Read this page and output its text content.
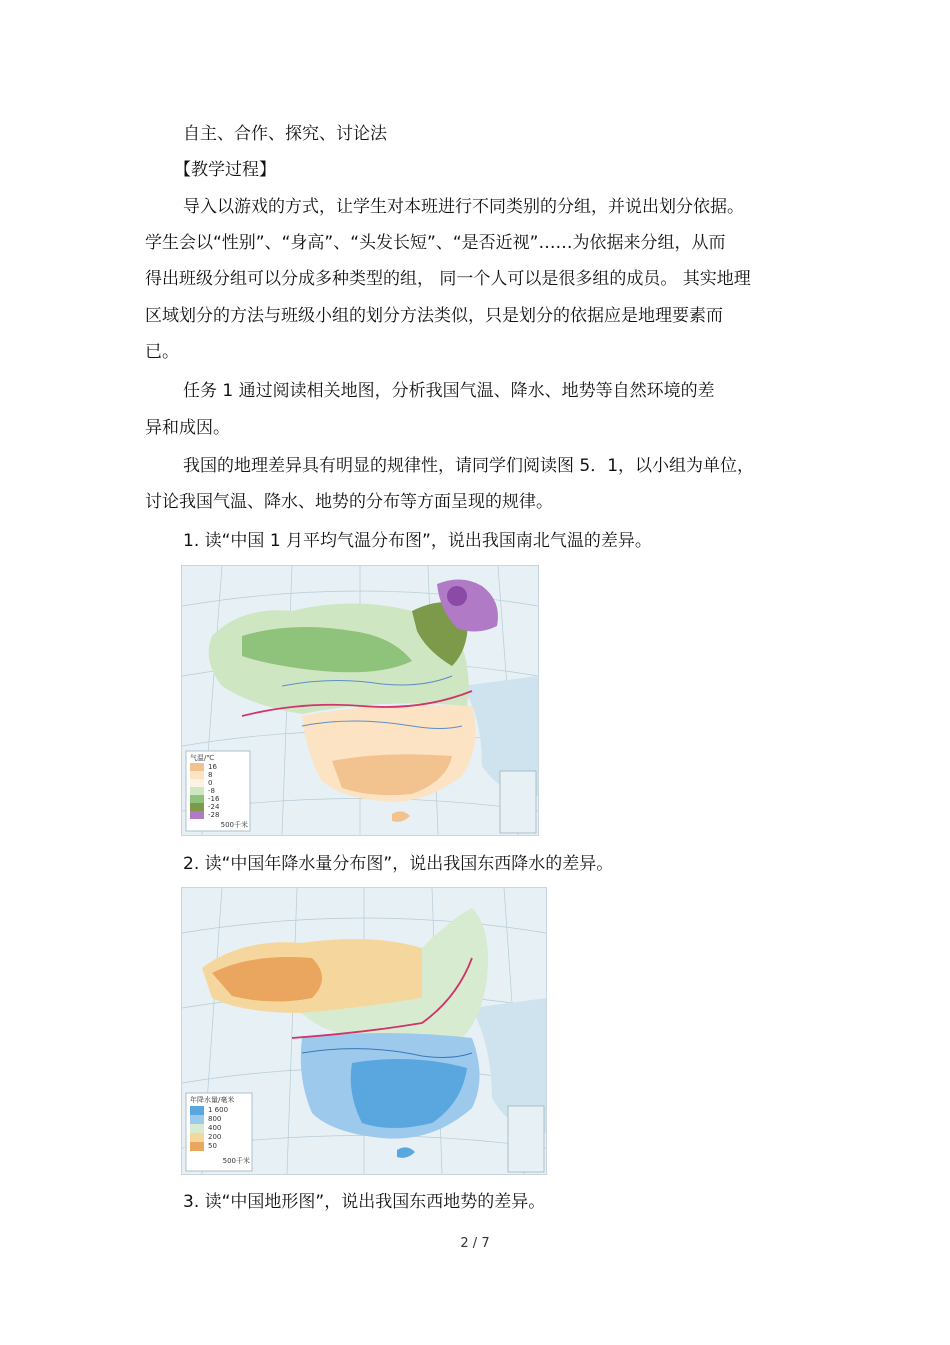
自主、合作、探究、讨论法
【教学过程】
导入以游戏的方式，让学生对本班进行不同类别的分组，并说出划分依据。
学生会以“性别”、“身高”、“头发长短”、“是否近视”……为依据来分组，从而
得出班级分组可以分成多种类型的组， 同一个人可以是很多组的成员。 其实地理
区域划分的方法与班级小组的划分方法类似，只是划分的依据应是地理要素而
已。
任务 1 通过阅读相关地图，分析我国气温、降水、地势等自然环境的差
异和成因。
我国的地理差异具有明显的规律性，请同学们阅读图 5．1，以小组为单位，
讨论我国气温、降水、地势的分布等方面呈现的规律。
1. 读“中国 1 月平均气温分布图”，说出我国南北气温的差异。
气温/℃
16
8
0
-8
-16
-24
-28
500千米
2. 读“中国年降水量分布图”，说出我国东西降水的差异。
年降水量/毫米
1 600
800
400
200
50
500千米
3. 读“中国地形图”，说出我国东西地势的差异。
2 / 7
